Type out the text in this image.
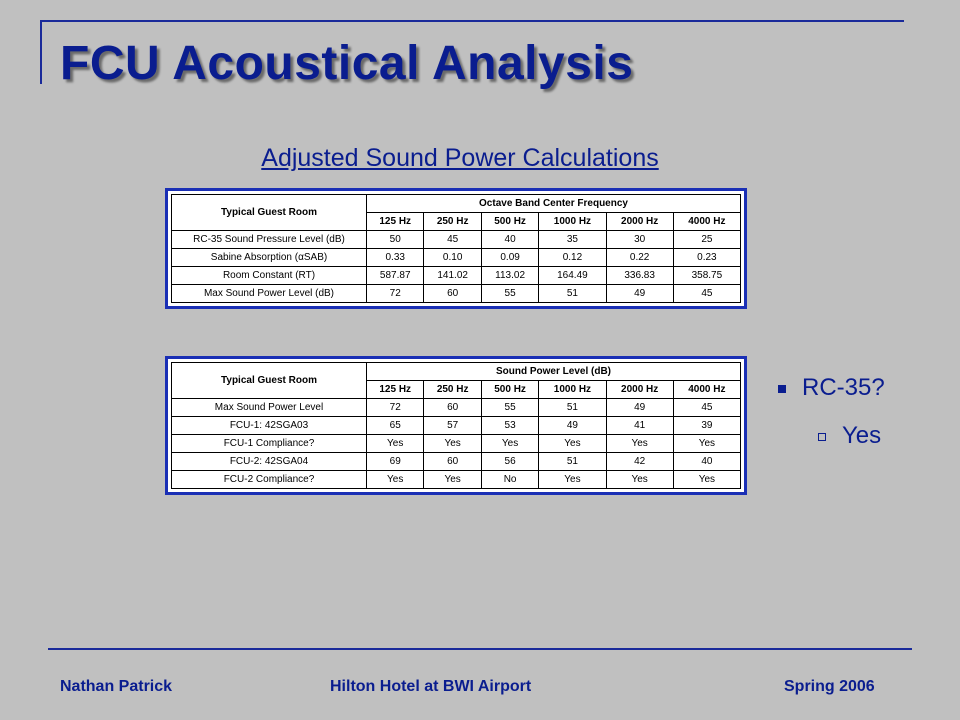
FCU Acoustical Analysis
Adjusted Sound Power Calculations
Typical Guest Room	Octave Band Center Frequency					
	125 Hz	250 Hz	500 Hz	1000 Hz	2000 Hz	4000 Hz
RC-35 Sound Pressure Level (dB)	50	45	40	35	30	25
Sabine Absorption (αSAB)	0.33	0.10	0.09	0.12	0.22	0.23
Room Constant (RT)	587.87	141.02	113.02	164.49	336.83	358.75
Max Sound Power Level (dB)	72	60	55	51	49	45
Typical Guest Room	Sound Power Level (dB)					
	125 Hz	250 Hz	500 Hz	1000 Hz	2000 Hz	4000 Hz
Max Sound Power Level	72	60	55	51	49	45
FCU-1: 42SGA03	65	57	53	49	41	39
FCU-1 Compliance?	Yes	Yes	Yes	Yes	Yes	Yes
FCU-2: 42SGA04	69	60	56	51	42	40
FCU-2 Compliance?	Yes	Yes	No	Yes	Yes	Yes
RC-35?
Yes
Nathan Patrick	Hilton Hotel at BWI Airport	Spring 2006
